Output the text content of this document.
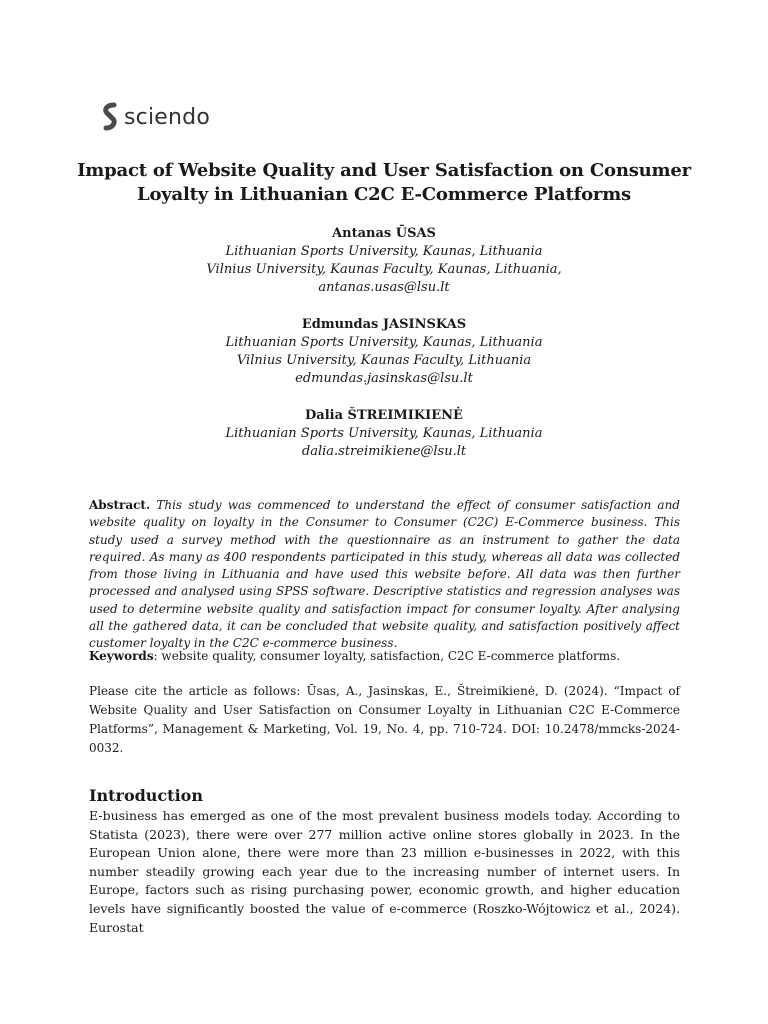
sciendo
Impact of Website Quality and User Satisfaction on Consumer Loyalty in Lithuanian C2C E-Commerce Platforms

Antanas ŪSAS

Lithuanian Sports University, Kaunas, Lithuania

Vilnius University, Kaunas Faculty, Kaunas, Lithuania,

antanas.usas@lsu.lt

Edmundas JASINSKAS

Lithuanian Sports University, Kaunas, Lithuania

Vilnius University, Kaunas Faculty, Lithuania

edmundas.jasinskas@lsu.lt

Dalia ŠTREIMIKIENĖ

Lithuanian Sports University, Kaunas, Lithuania

dalia.streimikiene@lsu.lt

Abstract. This study was commenced to understand the effect of consumer satisfaction and website quality on loyalty in the Consumer to Consumer (C2C) E-Commerce business. This study used a survey method with the questionnaire as an instrument to gather the data required. As many as 400 respondents participated in this study, whereas all data was collected from those living in Lithuania and have used this website before. All data was then further processed and analysed using SPSS software. Descriptive statistics and regression analyses was used to determine website quality and satisfaction impact for consumer loyalty. After analysing all the gathered data, it can be concluded that website quality, and satisfaction positively affect customer loyalty in the C2C e-commerce business.

Keywords: website quality, consumer loyalty, satisfaction, C2C E-commerce platforms.

Please cite the article as follows: Ūsas, A., Jasinskas, E., Štreimikienė, D. (2024). “Impact of Website Quality and User Satisfaction on Consumer Loyalty in Lithuanian C2C E-Commerce Platforms”, Management & Marketing, Vol. 19, No. 4, pp. 710-724. DOI: 10.2478/mmcks-2024-0032.

Introduction

E-business has emerged as one of the most prevalent business models today. According to Statista (2023), there were over 277 million active online stores globally in 2023. In the European Union alone, there were more than 23 million e-businesses in 2022, with this number steadily growing each year due to the increasing number of internet users. In Europe, factors such as rising purchasing power, economic growth, and higher education levels have significantly boosted the value of e-commerce (Roszko-Wójtowicz et al., 2024). Eurostat
